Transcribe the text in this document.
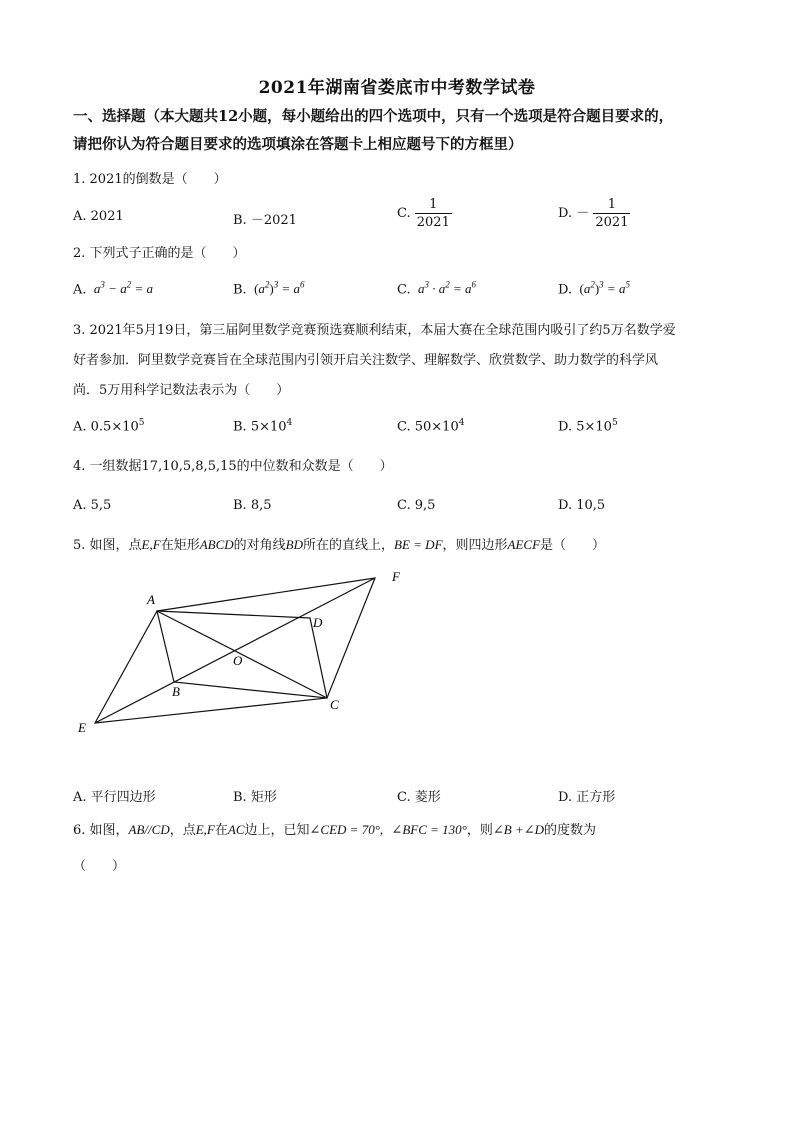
2021年湖南省娄底市中考数学试卷
一、选择题（本大题共12小题，每小题给出的四个选项中，只有一个选项是符合题目要求的，
请把你认为符合题目要求的选项填涂在答题卡上相应题号下的方框里）
1. 2021的倒数是（　　）
A. 2021	B. －2021	C. $\frac{1}{2021}$	D. － $\frac{1}{2021}$
2. 下列式子正确的是（　　）
A.  $a^3 - a^2 = a$	B. $(a^2)^3 = a^6$	C.  $a^3 \cdot a^2 = a^6$	D. $(a^2)^3 = a^5$
3. 2021年5月19日，第三届阿里数学竞赛预选赛顺利结束，本届大赛在全球范围内吸引了约5万名数学爱
好者参加．阿里数学竞赛旨在全球范围内引领开启关注数学、理解数学、欣赏数学、助力数学的科学风
尚．5万用科学记数法表示为（　　）
A. $0.5\times 10^5$	B. $5\times 10^4$	C. $50\times 10^4$	D. $5\times 10^5$
4. 一组数据17,10,5,8,5,15的中位数和众数是（　　）
A. 5,5	B. 8,5	C. 9,5	D. 10,5
5. 如图，点E,F在矩形ABCD的对角线BD所在的直线上，BE = DF，则四边形AECF是（　　）
A
B
C
D
E
F
O
A. 平行四边形	B. 矩形	C. 菱形	D. 正方形
6. 如图，AB//CD，点E,F在AC边上，已知∠CED = 70°, ∠BFC = 130°，则∠B +∠D的度数为
（　　）
